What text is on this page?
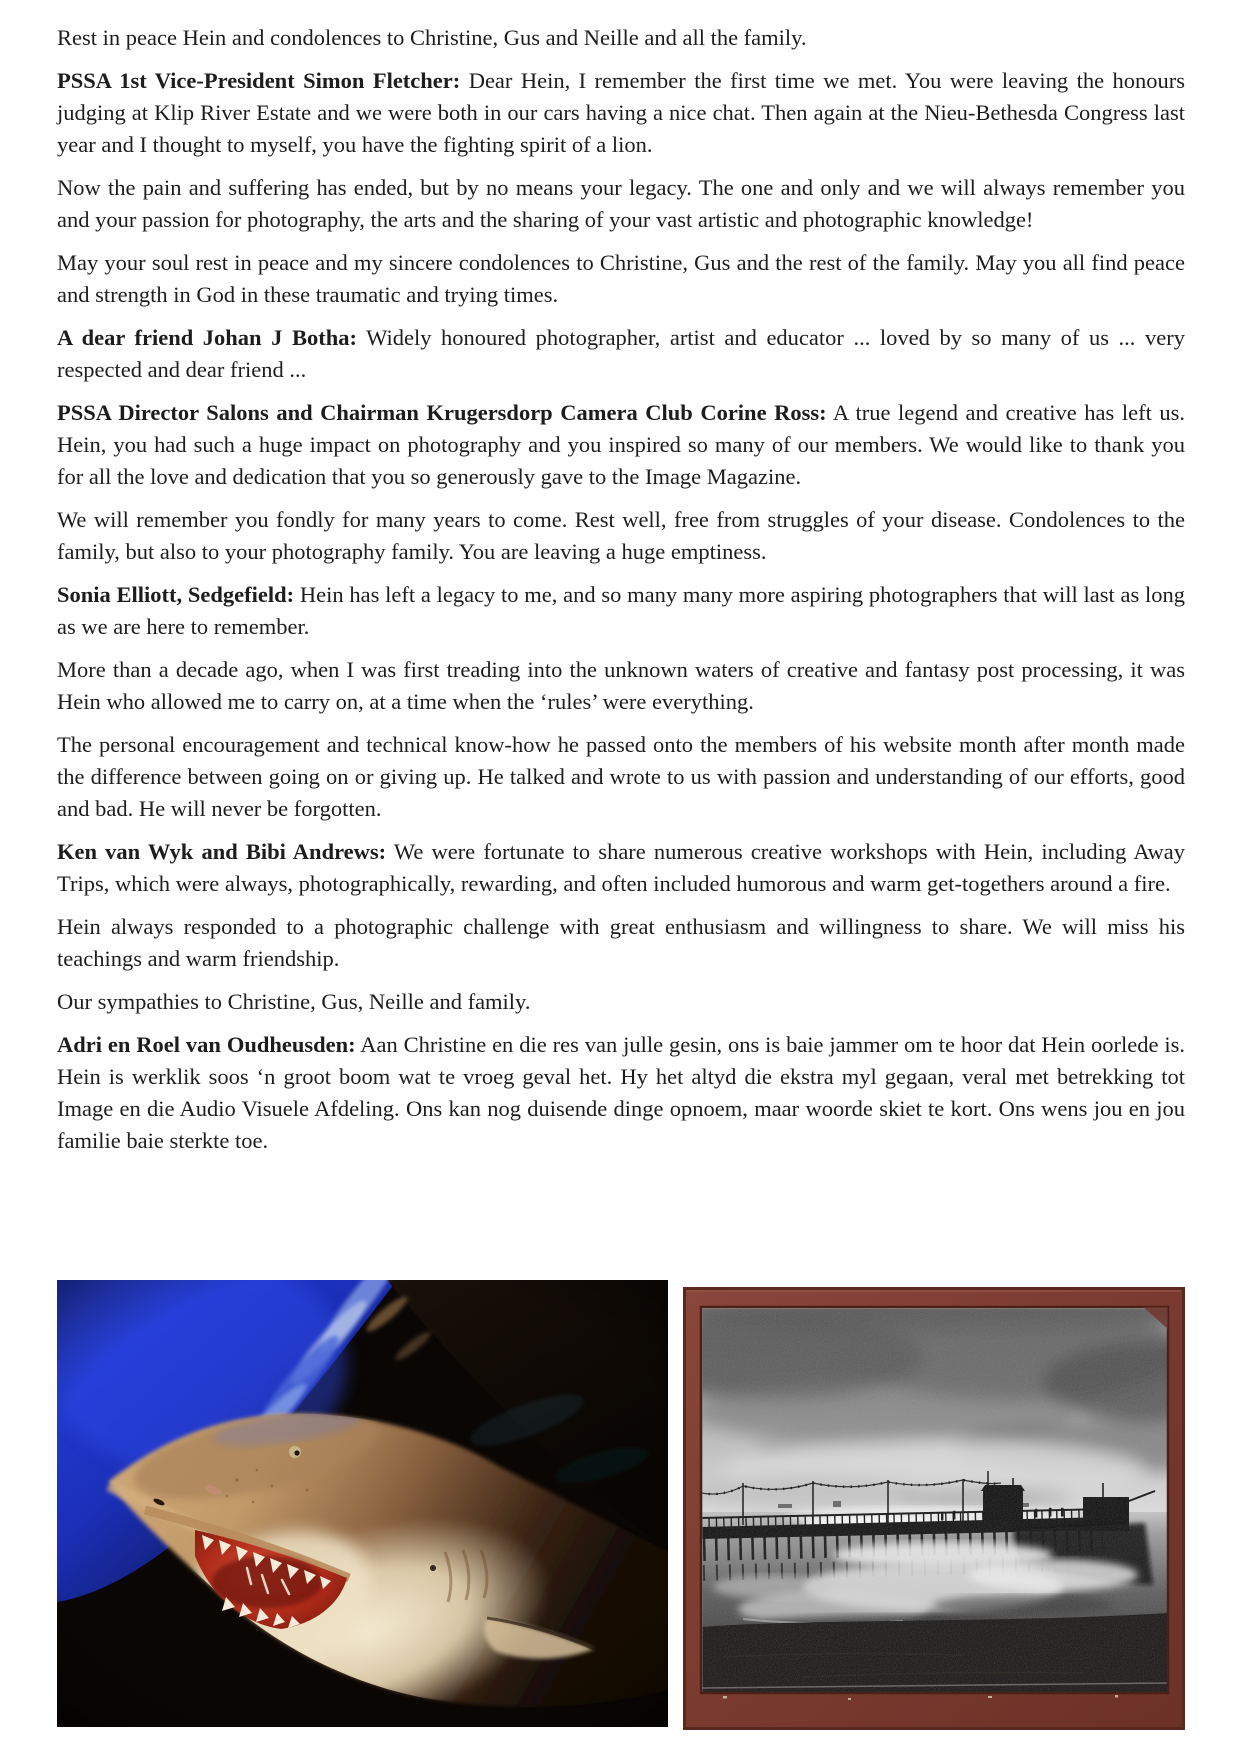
Rest in peace Hein and condolences to Christine, Gus and Neille and all the family.

PSSA 1st Vice-President Simon Fletcher: Dear Hein, I remember the first time we met. You were leaving the honours judging at Klip River Estate and we were both in our cars having a nice chat. Then again at the Nieu-Bethesda Congress last year and I thought to myself, you have the fighting spirit of a lion.

Now the pain and suffering has ended, but by no means your legacy. The one and only and we will always remember you and your passion for photography, the arts and the sharing of your vast artistic and photographic knowledge!

May your soul rest in peace and my sincere condolences to Christine, Gus and the rest of the family. May you all find peace and strength in God in these traumatic and trying times.

A dear friend Johan J Botha: Widely honoured photographer, artist and educator ... loved by so many of us ... very respected and dear friend ...

PSSA Director Salons and Chairman Krugersdorp Camera Club Corine Ross: A true legend and creative has left us. Hein, you had such a huge impact on photography and you inspired so many of our members. We would like to thank you for all the love and dedication that you so generously gave to the Image Magazine.

We will remember you fondly for many years to come. Rest well, free from struggles of your disease. Condolences to the family, but also to your photography family. You are leaving a huge emptiness.

Sonia Elliott, Sedgefield: Hein has left a legacy to me, and so many many more aspiring photographers that will last as long as we are here to remember.

More than a decade ago, when I was first treading into the unknown waters of creative and fantasy post processing, it was Hein who allowed me to carry on, at a time when the ‘rules’ were everything.

The personal encouragement and technical know-how he passed onto the members of his website month after month made the difference between going on or giving up. He talked and wrote to us with passion and understanding of our efforts, good and bad. He will never be forgotten.

Ken van Wyk and Bibi Andrews: We were fortunate to share numerous creative workshops with Hein, including Away Trips, which were always, photographically, rewarding, and often included humorous and warm get-togethers around a fire.

Hein always responded to a photographic challenge with great enthusiasm and willingness to share. We will miss his teachings and warm friendship.

Our sympathies to Christine, Gus, Neille and family.

Adri en Roel van Oudheusden: Aan Christine en die res van julle gesin, ons is baie jammer om te hoor dat Hein oorlede is. Hein is werklik soos ‘n groot boom wat te vroeg geval het. Hy het altyd die ekstra myl gegaan, veral met betrekking tot Image en die Audio Visuele Afdeling. Ons kan nog duisende dinge opnoem, maar woorde skiet te kort. Ons wens jou en jou familie baie sterkte toe.
